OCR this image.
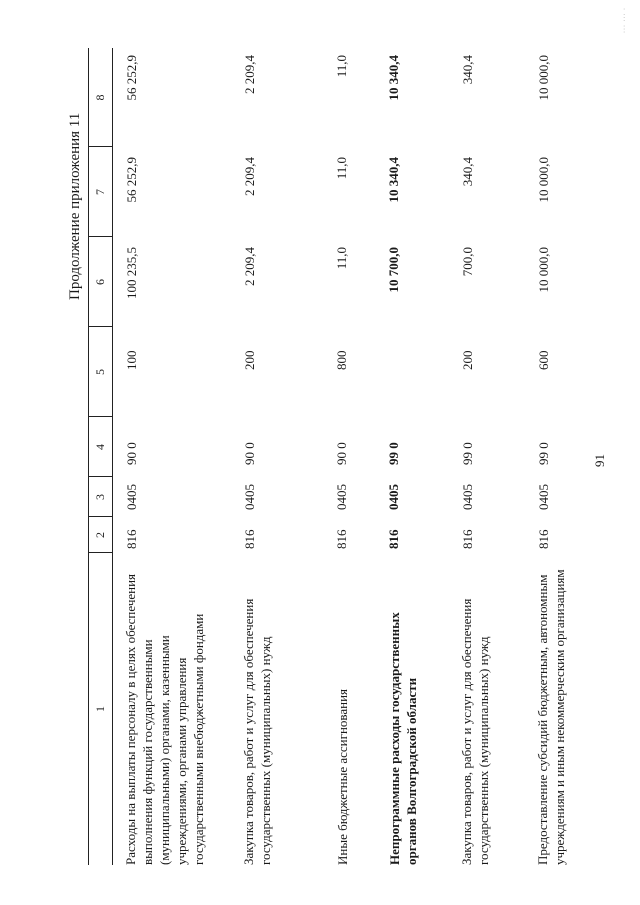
91
Продолжение приложения 11
··· ··· ·
1
2
3
4
5
6
7
8
Расходы на выплаты персоналу в целях обеспечения выполнения функций государственными (муниципальными) органами, казенными учреждениями, органами управления государственными внебюджетными фондами
816
0405
90 0
100
100 235,5
56 252,9
56 252,9
Закупка товаров, работ и услуг для обеспечения государственных (муниципальных) нужд
816
0405
90 0
200
2 209,4
2 209,4
2 209,4
Иные бюджетные ассигнования
816
0405
90 0
800
11,0
11,0
11,0
Непрограммные расходы государственных органов Волгоградской области
816
0405
99 0
10 700,0
10 340,4
10 340,4
Закупка товаров, работ и услуг для обеспечения государственных (муниципальных) нужд
816
0405
99 0
200
700,0
340,4
340,4
Предоставление субсидий бюджетным, автономным учреждениям и иным некоммерческим организациям
816
0405
99 0
600
10 000,0
10 000,0
10 000,0
